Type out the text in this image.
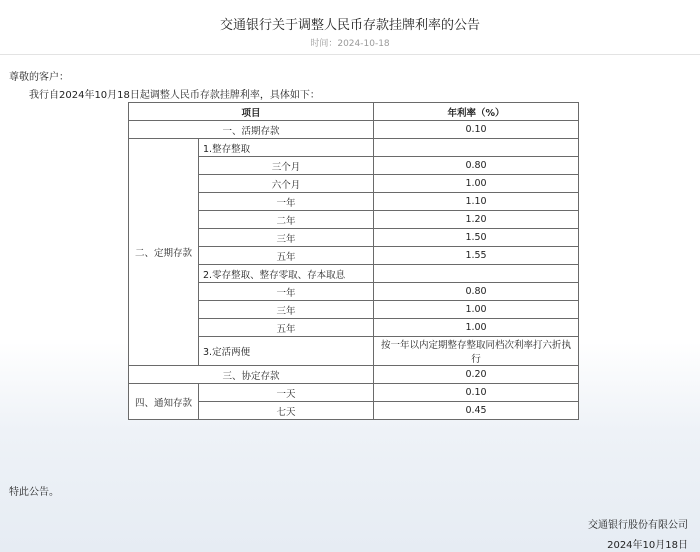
交通银行关于调整人民币存款挂牌利率的公告
时间：2024-10-18
尊敬的客户：
我行自2024年10月18日起调整人民币存款挂牌利率，具体如下：
项目		年利率（%）
一、活期存款		0.10
二、定期存款	1.整存整取	
	三个月	0.80
	六个月	1.00
	一年	1.10
	二年	1.20
	三年	1.50
	五年	1.55
	2.零存整取、整存零取、存本取息	
	一年	0.80
	三年	1.00
	五年	1.00
	3.定活两便	按一年以内定期整存整取同档次利率打六折执行
三、协定存款		0.20
四、通知存款	一天	0.10
	七天	0.45
特此公告。
交通银行股份有限公司
2024年10月18日
